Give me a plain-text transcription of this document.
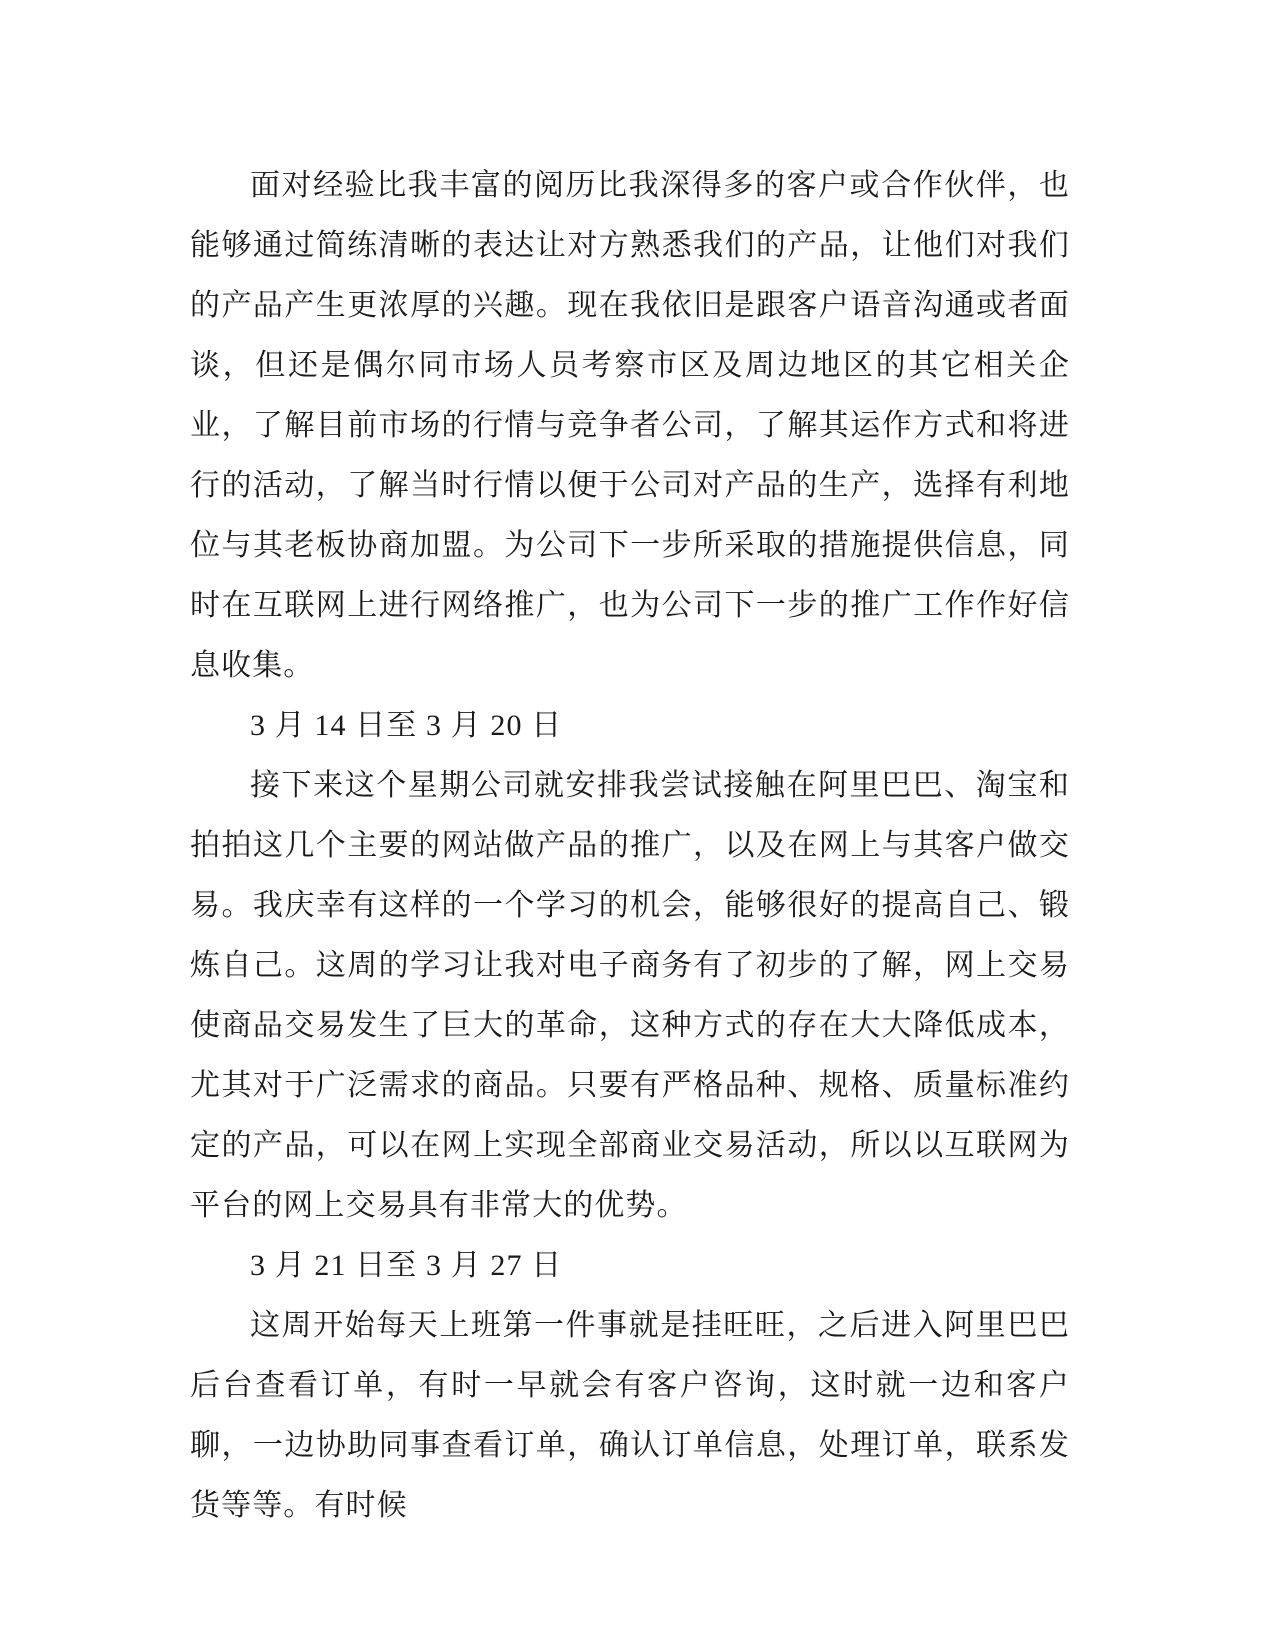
面对经验比我丰富的阅历比我深得多的客户或合作伙伴，也能够通过简练清晰的表达让对方熟悉我们的产品，让他们对我们的产品产生更浓厚的兴趣。现在我依旧是跟客户语音沟通或者面谈，但还是偶尔同市场人员考察市区及周边地区的其它相关企业，了解目前市场的行情与竞争者公司，了解其运作方式和将进行的活动，了解当时行情以便于公司对产品的生产，选择有利地位与其老板协商加盟。为公司下一步所采取的措施提供信息，同时在互联网上进行网络推广，也为公司下一步的推广工作作好信息收集。

3 月 14 日至 3 月 20 日

接下来这个星期公司就安排我尝试接触在阿里巴巴、淘宝和拍拍这几个主要的网站做产品的推广，以及在网上与其客户做交易。我庆幸有这样的一个学习的机会，能够很好的提高自己、锻炼自己。这周的学习让我对电子商务有了初步的了解，网上交易使商品交易发生了巨大的革命，这种方式的存在大大降低成本，尤其对于广泛需求的商品。只要有严格品种、规格、质量标准约定的产品，可以在网上实现全部商业交易活动，所以以互联网为平台的网上交易具有非常大的优势。

3 月 21 日至 3 月 27 日

这周开始每天上班第一件事就是挂旺旺，之后进入阿里巴巴后台查看订单，有时一早就会有客户咨询，这时就一边和客户聊，一边协助同事查看订单，确认订单信息，处理订单，联系发货等等。有时候
